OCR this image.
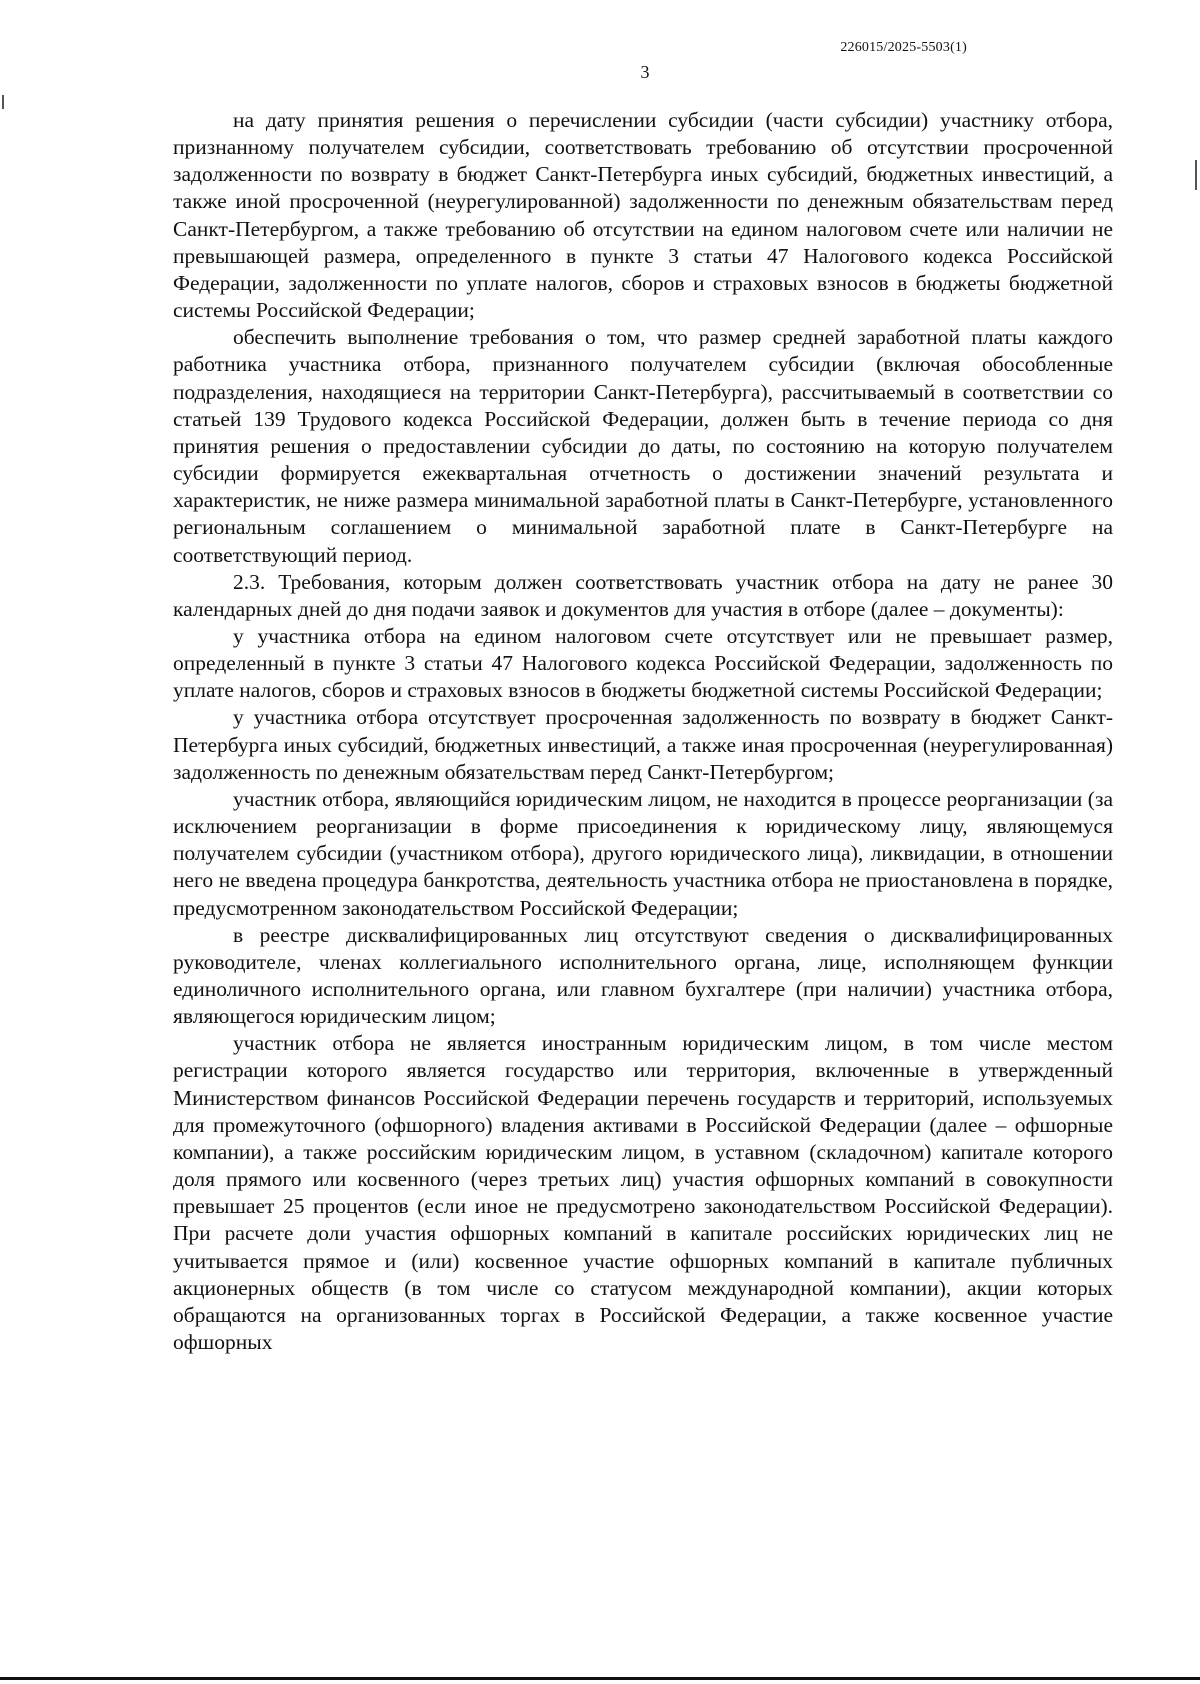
226015/2025-5503(1)
3

на дату принятия решения о перечислении субсидии (части субсидии) участнику отбора, признанному получателем субсидии, соответствовать требованию об отсутствии просроченной задолженности по возврату в бюджет Санкт-Петербурга иных субсидий, бюджетных инвестиций, а также иной просроченной (неурегулированной) задолженности по денежным обязательствам перед Санкт-Петербургом, а также требованию об отсутствии на едином налоговом счете или наличии не превышающей размера, определенного в пункте 3 статьи 47 Налогового кодекса Российской Федерации, задолженности по уплате налогов, сборов и страховых взносов в бюджеты бюджетной системы Российской Федерации;

обеспечить выполнение требования о том, что размер средней заработной платы каждого работника участника отбора, признанного получателем субсидии (включая обособленные подразделения, находящиеся на территории Санкт-Петербурга), рассчитываемый в соответствии со статьей 139 Трудового кодекса Российской Федерации, должен быть в течение периода со дня принятия решения о предоставлении субсидии до даты, по состоянию на которую получателем субсидии формируется ежеквартальная отчетность о достижении значений результата и характеристик, не ниже размера минимальной заработной платы в Санкт-Петербурге, установленного региональным соглашением о минимальной заработной плате в Санкт-Петербурге на соответствующий период.

2.3. Требования, которым должен соответствовать участник отбора на дату не ранее 30 календарных дней до дня подачи заявок и документов для участия в отборе (далее – документы):

у участника отбора на едином налоговом счете отсутствует или не превышает размер, определенный в пункте 3 статьи 47 Налогового кодекса Российской Федерации, задолженность по уплате налогов, сборов и страховых взносов в бюджеты бюджетной системы Российской Федерации;

у участника отбора отсутствует просроченная задолженность по возврату в бюджет Санкт-Петербурга иных субсидий, бюджетных инвестиций, а также иная просроченная (неурегулированная) задолженность по денежным обязательствам перед Санкт-Петербургом;

участник отбора, являющийся юридическим лицом, не находится в процессе реорганизации (за исключением реорганизации в форме присоединения к юридическому лицу, являющемуся получателем субсидии (участником отбора), другого юридического лица), ликвидации, в отношении него не введена процедура банкротства, деятельность участника отбора не приостановлена в порядке, предусмотренном законодательством Российской Федерации;

в реестре дисквалифицированных лиц отсутствуют сведения о дисквалифицированных руководителе, членах коллегиального исполнительного органа, лице, исполняющем функции единоличного исполнительного органа, или главном бухгалтере (при наличии) участника отбора, являющегося юридическим лицом;

участник отбора не является иностранным юридическим лицом, в том числе местом регистрации которого является государство или территория, включенные в утвержденный Министерством финансов Российской Федерации перечень государств и территорий, используемых для промежуточного (офшорного) владения активами в Российской Федерации (далее – офшорные компании), а также российским юридическим лицом, в уставном (складочном) капитале которого доля прямого или косвенного (через третьих лиц) участия офшорных компаний в совокупности превышает 25 процентов (если иное не предусмотрено законодательством Российской Федерации). При расчете доли участия офшорных компаний в капитале российских юридических лиц не учитывается прямое и (или) косвенное участие офшорных компаний в капитале публичных акционерных обществ (в том числе со статусом международной компании), акции которых обращаются на организованных торгах в Российской Федерации, а также косвенное участие офшорных
